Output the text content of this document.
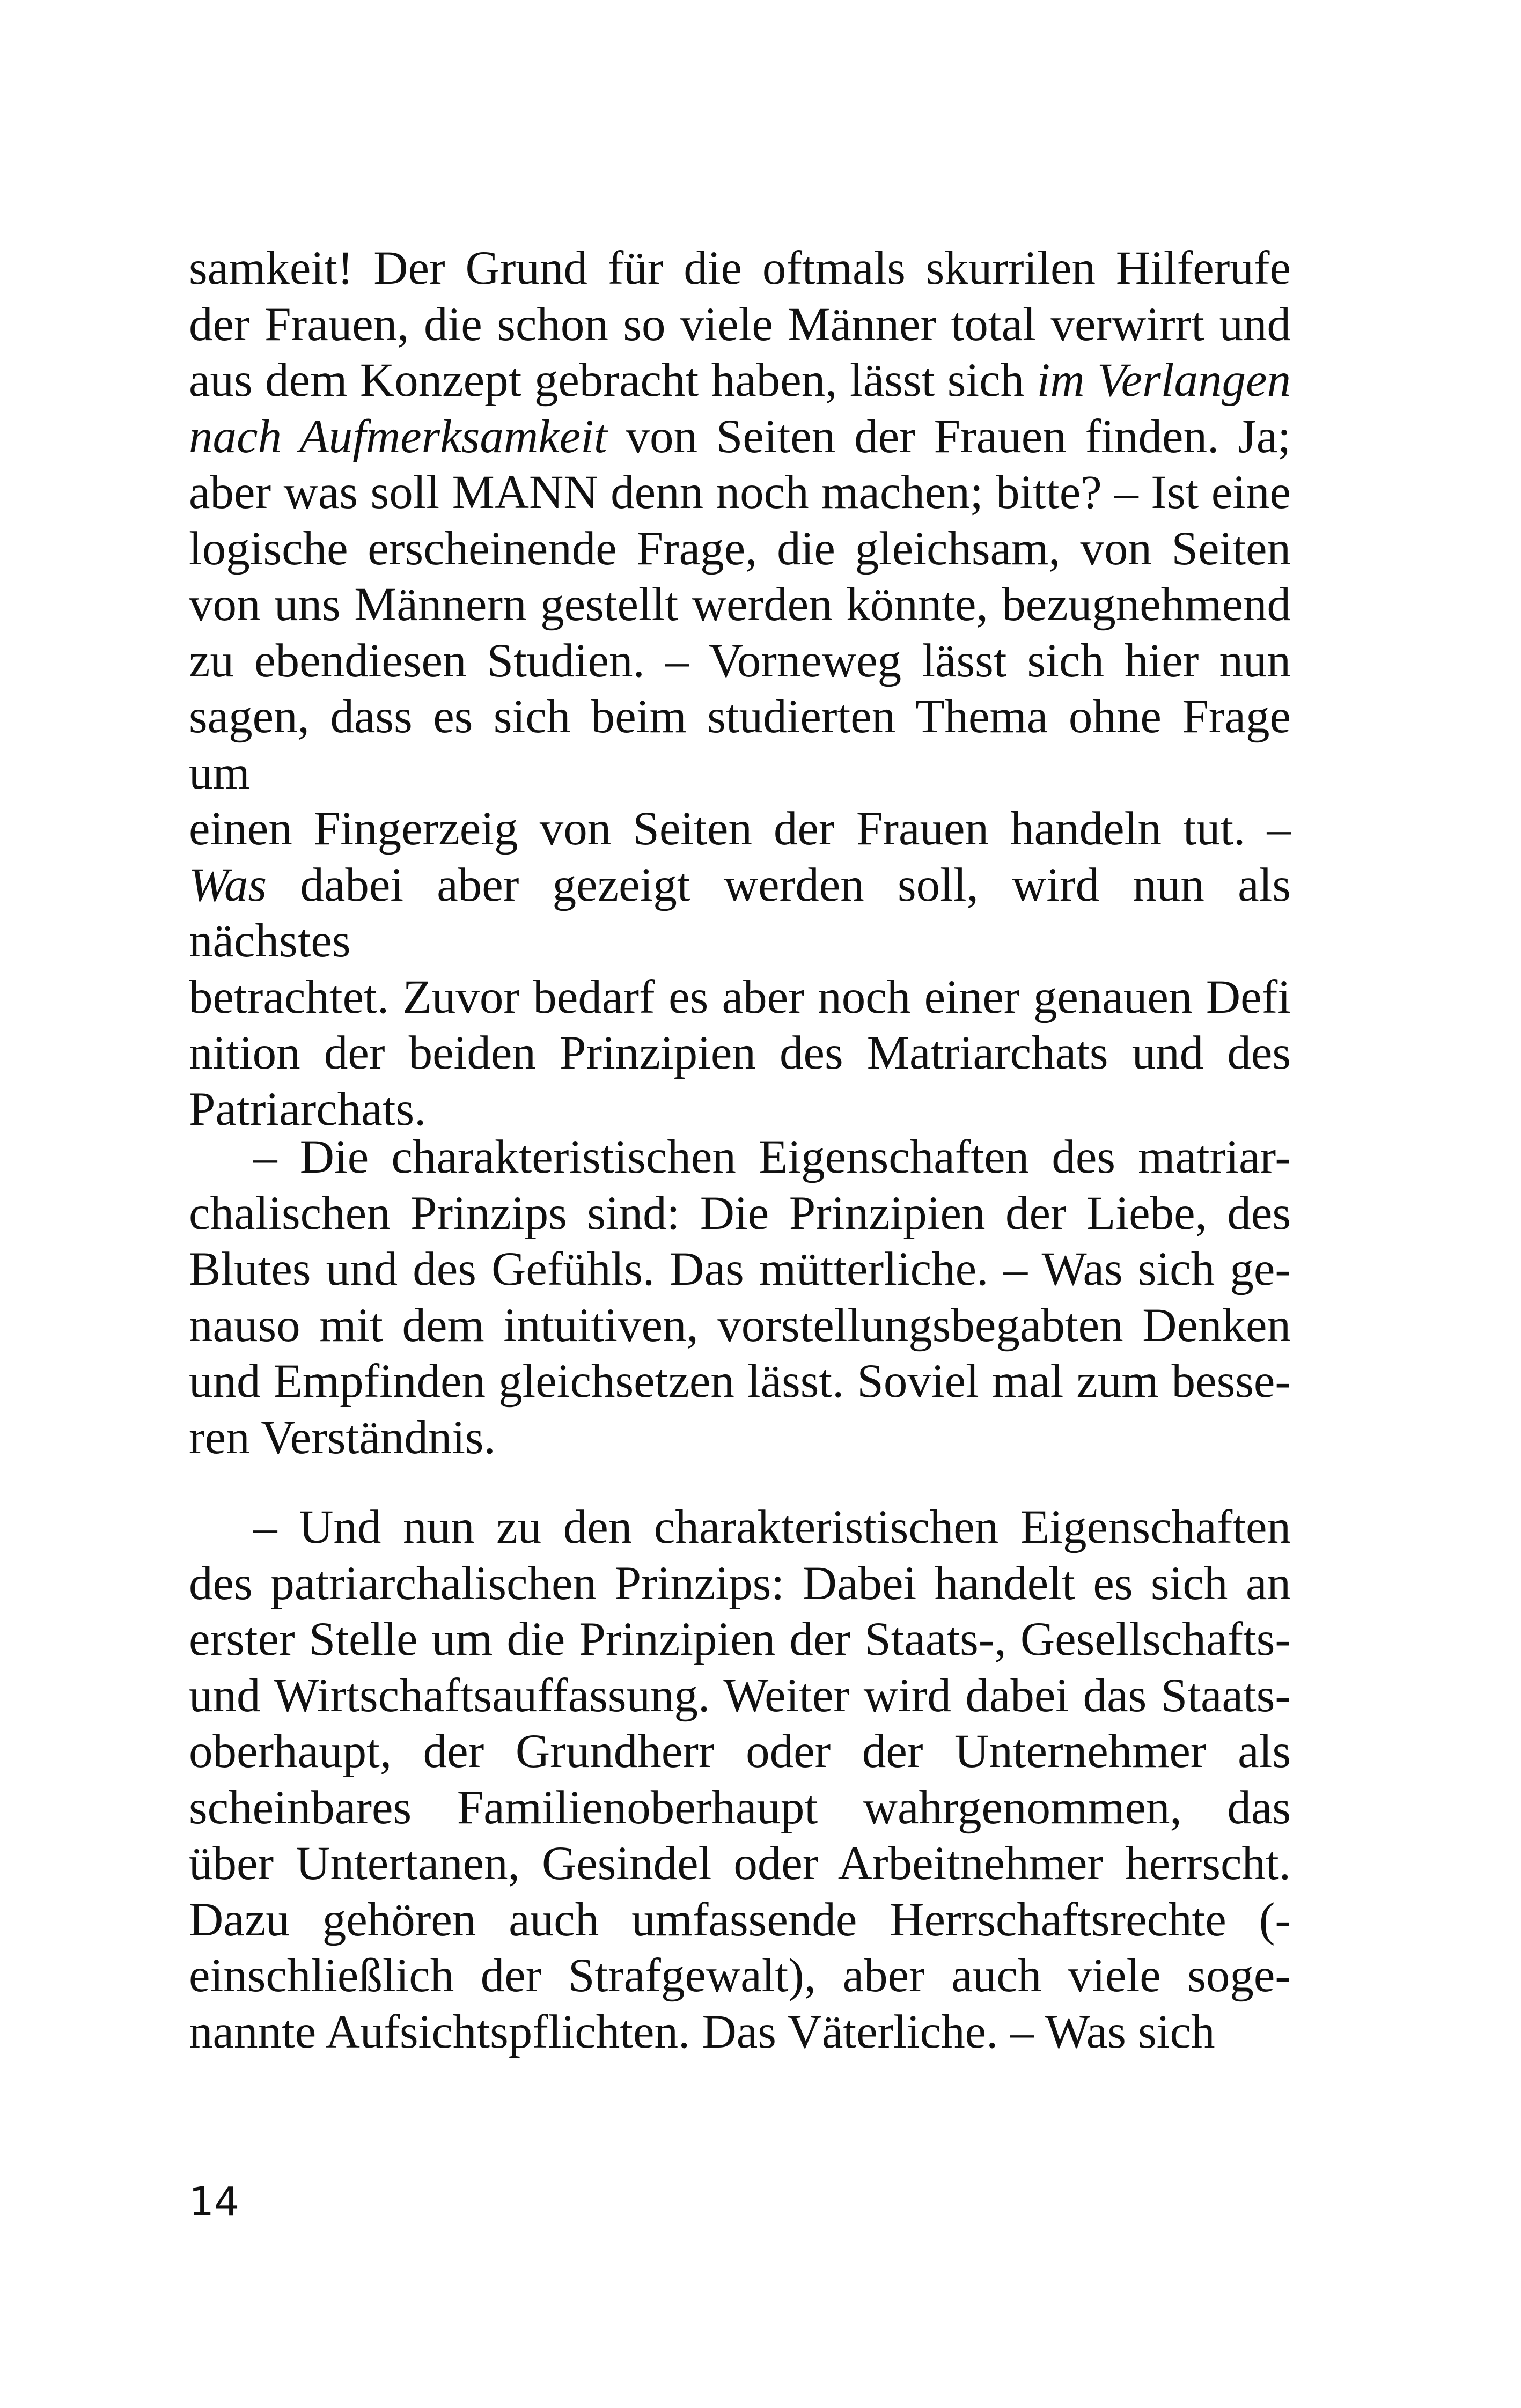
samkeit! Der Grund für die oftmals skurrilen Hilferufe
der Frauen, die schon so viele Männer total verwirrt und
aus dem Konzept gebracht haben, lässt sich im Verlangen
nach Aufmerksamkeit von Seiten der Frauen finden. Ja;
aber was soll MANN denn noch machen; bitte? – Ist eine
logische erscheinende Frage, die gleichsam, von Seiten
von uns Männern gestellt werden könnte, bezugnehmend
zu ebendiesen Studien. – Vorneweg lässt sich hier nun
sagen, dass es sich beim studierten Thema ohne Frage um
einen Fingerzeig von Seiten der Frauen handeln tut. –
Was dabei aber gezeigt werden soll, wird nun als nächstes
betrachtet. Zuvor bedarf es aber noch einer genauen Defi
nition der beiden Prinzipien des Matriarchats und des
Patriarchats.
– Die charakteristischen Eigenschaften des matriar-
chalischen Prinzips sind: Die Prinzipien der Liebe, des
Blutes und des Gefühls. Das mütterliche. – Was sich ge-
nauso mit dem intuitiven, vorstellungsbegabten Denken
und Empfinden gleichsetzen lässt. Soviel mal zum besse-
ren Verständnis.
– Und nun zu den charakteristischen Eigenschaften
des patriarchalischen Prinzips: Dabei handelt es sich an
erster Stelle um die Prinzipien der Staats-, Gesellschafts-
und Wirtschaftsauffassung. Weiter wird dabei das Staats-
oberhaupt, der Grundherr oder der Unternehmer als
scheinbares Familienoberhaupt wahrgenommen, das
über Untertanen, Gesindel oder Arbeitnehmer herrscht.
Dazu gehören auch umfassende Herrschaftsrechte (-
einschließlich der Strafgewalt), aber auch viele soge-
nannte Aufsichtspflichten. Das Väterliche. – Was sich
14
